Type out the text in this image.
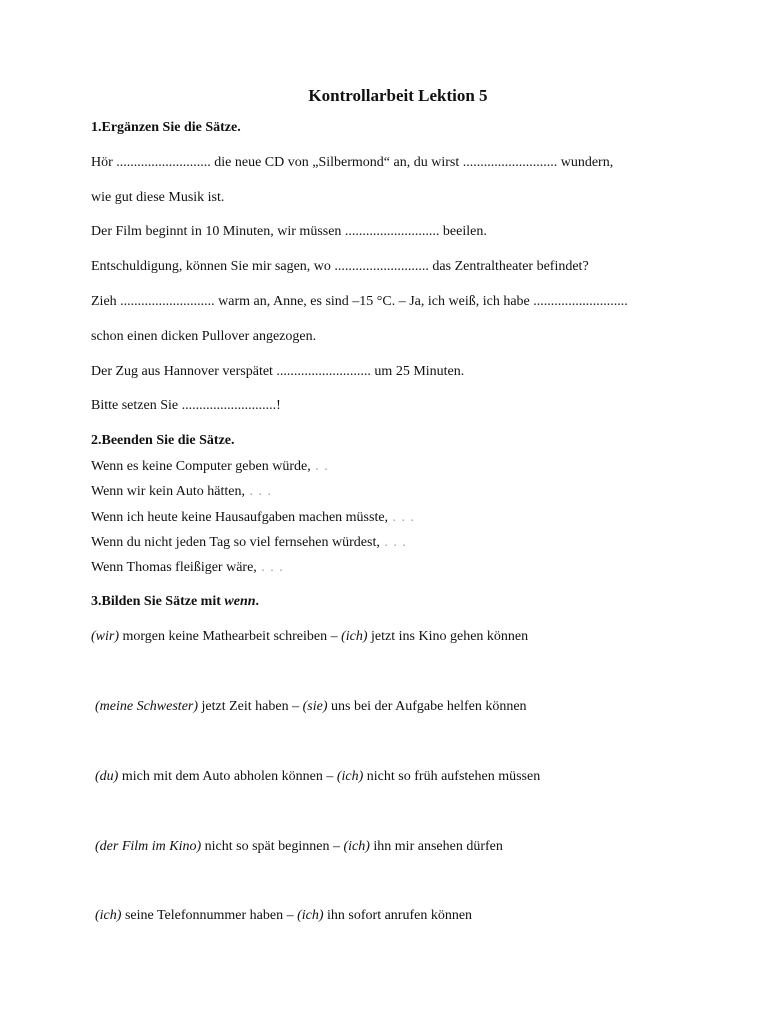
Kontrollarbeit Lektion 5
1.Ergänzen Sie die Sätze.
Hör ........................... die neue CD von „Silbermond“ an, du wirst ........................... wundern,
wie gut diese Musik ist.
Der Film beginnt in 10 Minuten, wir müssen ........................... beeilen.
Entschuldigung, können Sie mir sagen, wo ........................... das Zentraltheater befindet?
Zieh ........................... warm an, Anne, es sind –15 °C. – Ja, ich weiß, ich habe ...........................
schon einen dicken Pullover angezogen.
Der Zug aus Hannover verspätet ........................... um 25 Minuten.
Bitte setzen Sie ...........................!
2.Beenden Sie die Sätze.
Wenn es keine Computer geben würde, . .
Wenn wir kein Auto hätten, . . .
Wenn ich heute keine Hausaufgaben machen müsste, . . .
Wenn du nicht jeden Tag so viel fernsehen würdest, . . .
Wenn Thomas fleißiger wäre, . . .
3.Bilden Sie Sätze mit wenn.
(wir) morgen keine Mathearbeit schreiben – (ich) jetzt ins Kino gehen können
(meine Schwester) jetzt Zeit haben – (sie) uns bei der Aufgabe helfen können
(du) mich mit dem Auto abholen können – (ich) nicht so früh aufstehen müssen
(der Film im Kino) nicht so spät beginnen – (ich) ihn mir ansehen dürfen
(ich) seine Telefonnummer haben – (ich) ihn sofort anrufen können
